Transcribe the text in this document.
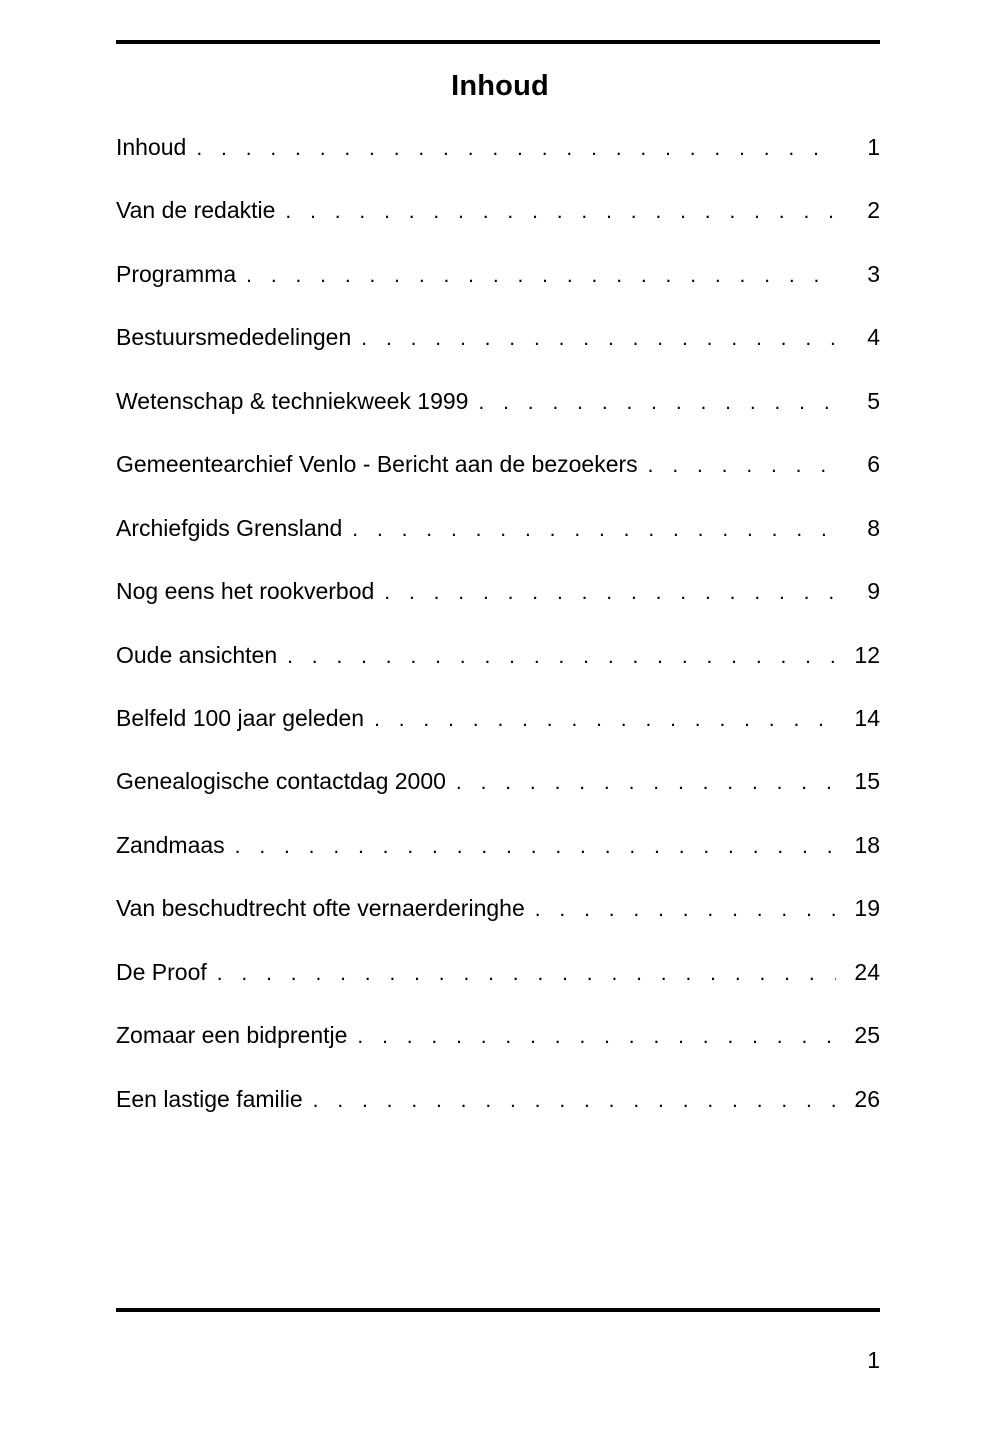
Inhoud
Inhoud . . .	1
Van de redaktie . . .	2
Programma . . .	3
Bestuursmededelingen . . .	4
Wetenschap & techniekweek 1999 . . .	5
Gemeentearchief Venlo - Bericht aan de bezoekers . . .	6
Archiefgids Grensland . . .	8
Nog eens het rookverbod . . .	9
Oude ansichten . . .	12
Belfeld 100 jaar geleden . . .	14
Genealogische contactdag 2000 . . .	15
Zandmaas . . .	18
Van beschudtrecht ofte vernaerderinghe . . .	19
De Proof . . .	24
Zomaar een bidprentje . . .	25
Een lastige familie . . .	26
1
